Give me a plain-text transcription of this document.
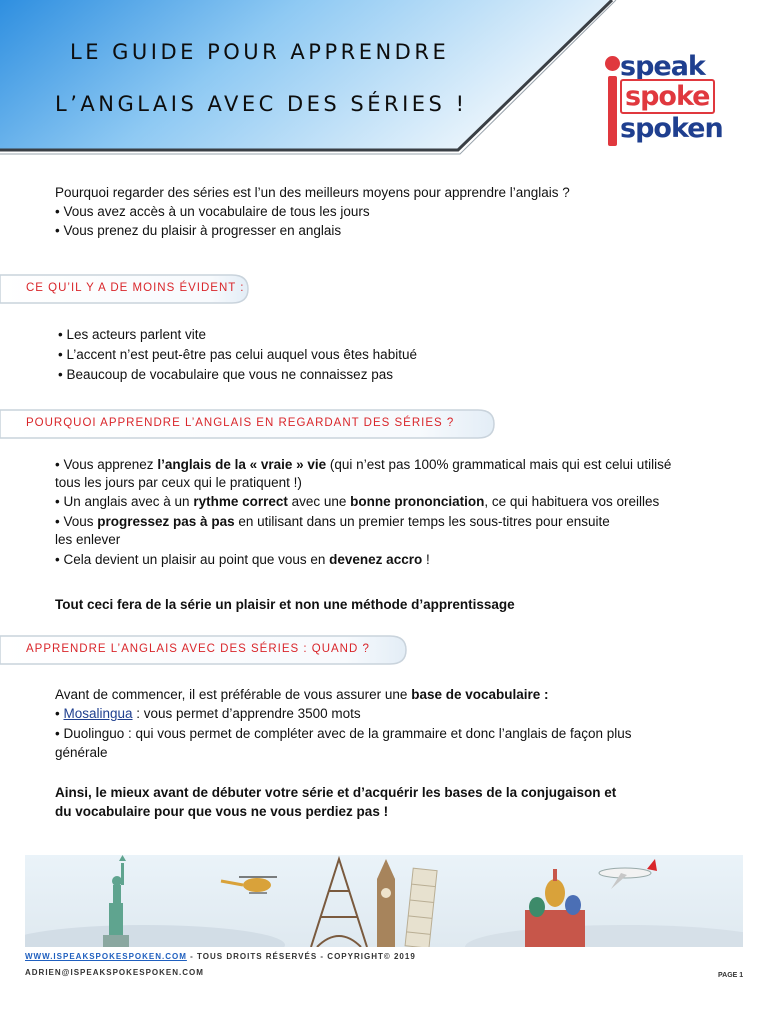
LE GUIDE POUR APPRENDRE
L’ANGLAIS AVEC DES SÉRIES !
speak
spoke
spoken

Pourquoi regarder des séries est l’un des meilleurs moyens pour apprendre l’anglais ?

• Vous avez accès à un vocabulaire de tous les jours

• Vous prenez du plaisir à progresser en anglais

CE QU’IL Y A DE MOINS ÉVIDENT :

• Les acteurs parlent vite

• L’accent n’est peut-être pas celui auquel vous êtes habitué

• Beaucoup de vocabulaire que vous ne connaissez pas

POURQUOI APPRENDRE L’ANGLAIS EN REGARDANT DES SÉRIES ?

• Vous apprenez l’anglais de la « vraie » vie (qui n’est pas 100% grammatical mais qui est celui utilisé

tous les jours par ceux qui le pratiquent !)

• Un anglais avec à un rythme correct avec une bonne prononciation, ce qui habituera vos oreilles

• Vous progressez pas à pas en utilisant dans un premier temps les sous-titres pour ensuite

les enlever

• Cela devient un plaisir au point que vous en devenez accro !

Tout ceci fera de la série un plaisir et non une méthode d’apprentissage

APPRENDRE L’ANGLAIS AVEC DES SÉRIES : QUAND ?

Avant de commencer, il est préférable de vous assurer une base de vocabulaire :

• Mosalingua : vous permet d’apprendre 3500 mots

• Duolinguo : qui vous permet de compléter avec de la grammaire et donc l’anglais de façon plus

générale

Ainsi, le mieux avant de débuter votre série et d’acquérir les bases de la conjugaison et

du vocabulaire pour que vous ne vous perdiez pas !

WWW.ISPEAKSPOKESPOKEN.COM - TOUS DROITS RÉSERVÉS - COPYRIGHT© 2019
ADRIEN@ISPEAKSPOKESPOKEN.COM	PAGE 1
